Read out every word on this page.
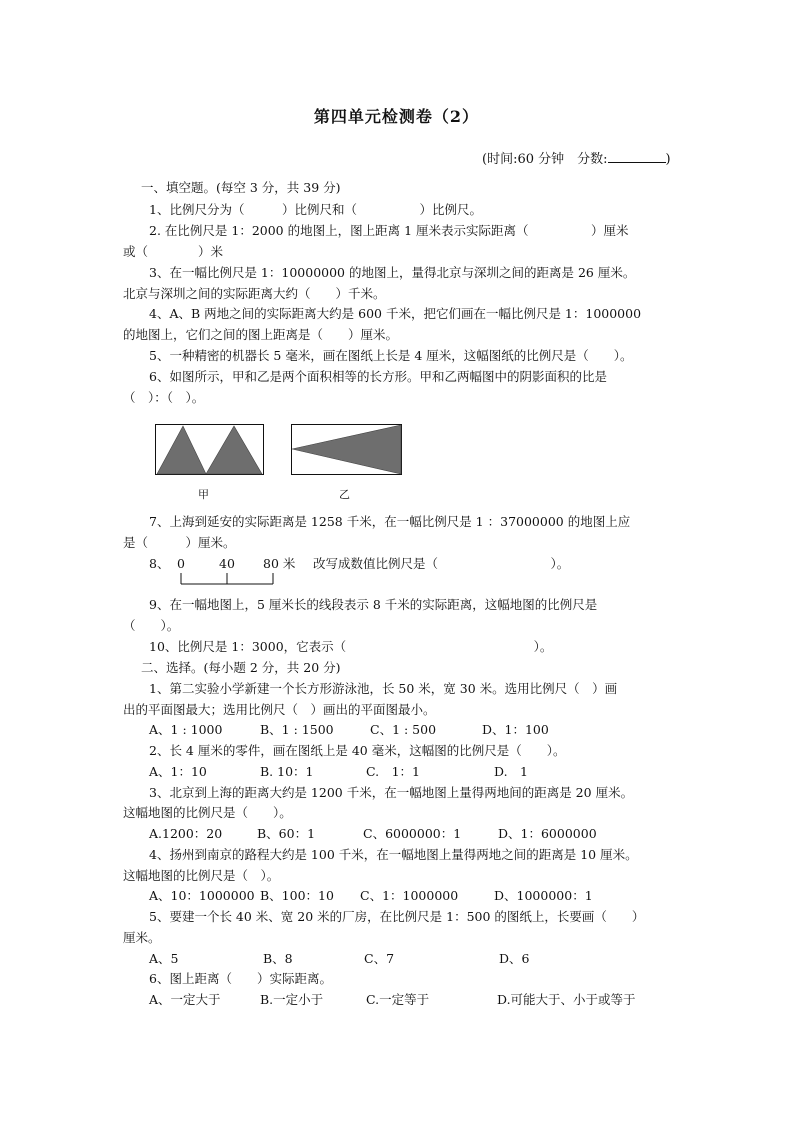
第四单元检测卷（2）
(时间:60 分钟　分数:	)
一、填空题。(每空 3 分，共 39 分)
1、比例尺分为（　　　）比例尺和（　　　　　）比例尺。
2. 在比例尺是 1：2000 的地图上，图上距离 1 厘米表示实际距离（　　　　　）厘米
或（　　　　）米
3、在一幅比例尺是 1：10000000 的地图上，量得北京与深圳之间的距离是 26 厘米。
北京与深圳之间的实际距离大约（　　）千米。
4、A、B 两地之间的实际距离大约是 600 千米，把它们画在一幅比例尺是 1：1000000
的地图上，它们之间的图上距离是（　　）厘米。
5、一种精密的机器长 5 毫米，画在图纸上长是 4 厘米，这幅图纸的比例尺是（　　）。
6、如图所示，甲和乙是两个面积相等的长方形。甲和乙两幅图中的阴影面积的比是
（　）：（　）。
甲	乙
7、上海到延安的实际距离是 1258 千米，在一幅比例尺是 1 ：37000000 的地图上应
是（　　　）厘米。
8、 0	40 80 米 改写成数值比例尺是（　　　　　　　　　）。
9、在一幅地图上，5 厘米长的线段表示 8 千米的实际距离，这幅地图的比例尺是
（　　）。
10、比例尺是 1：3000，它表示（　　　　　　　　　　　　　　　）。
二、选择。(每小题 2 分，共 20 分)
1、第二实验小学新建一个长方形游泳池，长 50 米，宽 30 米。选用比例尺（　）画
出的平面图最大；选用比例尺（　）画出的平面图最小。
A、1 : 1000	B、1 : 1500	C、1 : 500	D、1：100
2、长 4 厘米的零件，画在图纸上是 40 毫米，这幅图的比例尺是（　　）。
A、1：10	B. 10：1	C.　1：1	D.　1
3、北京到上海的距离大约是 1200 千米，在一幅地图上量得两地间的距离是 20 厘米。
这幅地图的比例尺是（　　）。
A.1200：20	B、60：1	C、6000000：1	D、1：6000000
4、扬州到南京的路程大约是 100 千米，在一幅地图上量得两地之间的距离是 10 厘米。
这幅地图的比例尺是（　）。
A、10：1000000 B、100：10 C、1：1000000	D、1000000：1
5、要建一个长 40 米、宽 20 米的厂房，在比例尺是 1：500 的图纸上，长要画（　　）
厘米。
A、5	B、8	C、7	D、6
6、图上距离（　　）实际距离。
A、一定大于	B.一定小于	C.一定等于	D.可能大于、小于或等于
